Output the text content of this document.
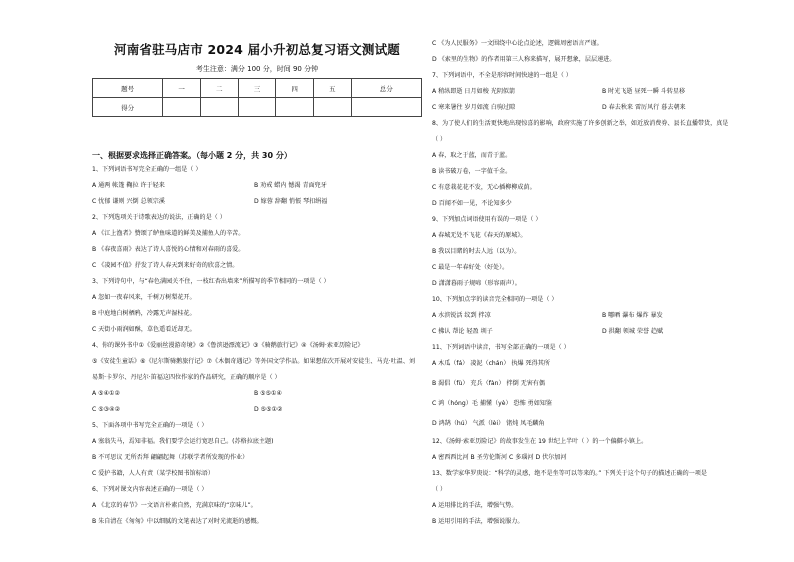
河南省驻马店市 2024 届小升初总复习语文测试题
考生注意：满分 100 分，时间 90 分钟
题号	一	二	三	四	五	总分
得分						
一、根据要求选择正确答案。（每小题 2 分，共 30 分）
1、下列词语书写完全正确的一组是（ ）
A 通两 帐篷 鞠拉 许于轻来	B 劝戒 蜡内 憾渴 青面兜牙
C 忧郁 谦则 兴倒 总领宗溪	D 嫁蓉 辞翻 悄悵 琴扣绢福
2、下列选项关于诗歌表达的说法，正确的是（ ）
A 《江上渔者》赞颂了鲈鱼味道的鲜美及捕鱼人的辛苦。
B 《春夜喜雨》表达了诗人喜悦的心情和对春雨的喜爱。
C 《凌园不值》抒发了诗人春天到来好奇的欣喜之情。
3、下列诗句中，与“春色满园关不住，一枝红杏出墙来”所描写的季节相同的一项是（ ）
A 忽如一夜春风来，千树万树梨花开。
B 中庭地白树栖鸦，冷露无声湿桂花。
C 天街小雨润如酥，草色遥看近却无。
4、你的课外书中①《爱丽丝漫游奇境》②《鲁滨逊漂流记》③《骑鹅旅行记》④《汤姆·索亚历险记》
⑤《安徒生童话》⑥《尼尔斯骑鹅旅行记》⑦《木偶奇遇记》等外国文学作品。如果想依次开展对安徒生、马克·吐温、刘
易斯·卡罗尔、丹尼尔·笛福这四位作家的作品研究，正确的顺序是（ ）
A ⑤④①②	B ⑤⑤①④
C ⑤③④②	D ⑤⑤①②
5、下面各项中书写完全正确的一项是（ ）
A 塞翁失马，焉知非福。我们要学会运行宽思自己。(苏格拉底主题)
B 不可思议 无所否拜 翩翩起舞（苏联学者所发现的作业）
C 爱护书籍，人人有责（某学校图书馆标语）
6、下列对课文内容表述正确的一项是（ ）
A 《北京的春节》一文语言朴素自然，充满京味的“京味儿”。
B 朱自清在《匆匆》中以细腻的文笔表达了对时光流逝的感慨。
C 《为人民服务》一文围绕中心论点论述，逻辑周密语言严谨。
D 《索里的生物》的作者用第三人称来描写，展开想象，层层递进。
7、下列词语中，不全是形容时间快速的一组是（ ）
A 稍纵即逝 日月如梭 光阴似箭	B 时光飞逝 昼死一瞬 斗转星移
C 寒来暑往 岁月如流 白驹过隙	D 春去秋来 雷厉风行 暮去朝来
8、为了使人们的生活更快地出现惊喜的影响，政府实施了许多创新之举，如近放消费券、县长直播带货，真是
（ ）
A 春，取之于蓝，而青于蓝。
B 读书破万卷，一字值千金。
C 有意栽花花不发，无心插柳柳成荫。
D 百闻不如一见，不论知多少
9、下列加点词语使用有误的一项是（ ）
A 春城无处不飞花《春天的原城》。
B 我以目睹的时去人远（以为）。
C 最是一年春好处（好处）。
D 潇潇暮雨子规啼（形容雨声）。
10、下列加点字的读音完全相同的一项是（ ）
A 水滨锐活 纹到 拌凉	B 哪晒 瀑布 爆炸 暴发
C 拂认 帮论 轻盈 圳子	D 拱翻 领城 荣誉 趋赋
11、下列词语中读音，书写全部正确的一项是（ ）
A 木瓜（fá） 凌泥（chán） 执爆 死得其所
B 渴倡（fù） 充兵（fàn） 拌倒 无害有偶
C 鸿（hóng）毛 捕懂（yè） 恐怖 勇如知鉴
D 鸿鹄（hú） 气派（lèi） 锗炖 凤毛麟角
12、《汤姆·索亚历险记》的故事发生在 19 世纪上半叶（ ）的一个偏僻小镇上。
A 密西西比河 B 圣劳伦斯河 C 多瑙河 D 伏尔加河
13、数学家华罗庚说：“科学的灵感，绝不是坐等可以等来的。” 下列关于这个句子的描述正确的一项是
（ ）
A 运用排比的手法，增强气势。
B 运用引用的手法，增强说服力。
